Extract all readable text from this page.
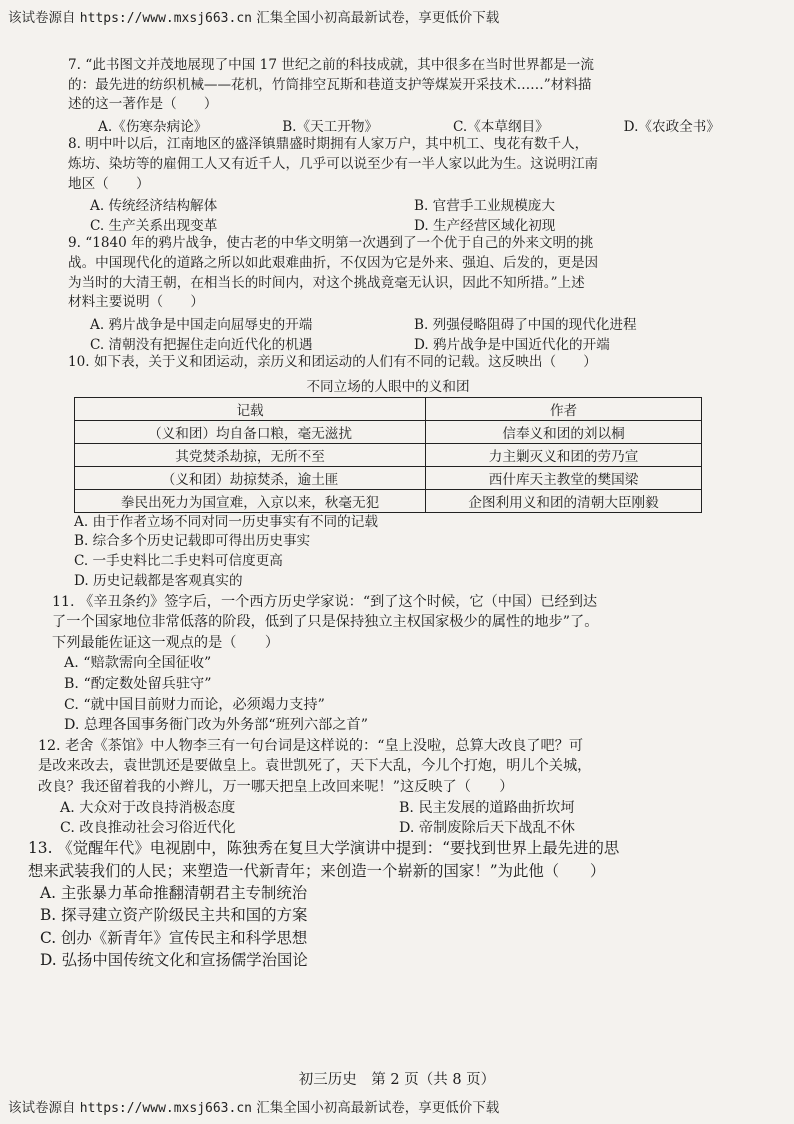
该试卷源自 https://www.mxsj663.cn 汇集全国小初高最新试卷，享更低价下载
7. “此书图文并茂地展现了中国 17 世纪之前的科技成就，其中很多在当时世界都是一流
的：最先进的纺织机械——花机，竹筒排空瓦斯和巷道支护等煤炭开采技术……”材料描
述的这一著作是（　　）
A.《伤寒杂病论》	B.《天工开物》	C.《本草纲目》	D.《农政全书》
8. 明中叶以后，江南地区的盛泽镇鼎盛时期拥有人家万户，其中机工、曳花有数千人，
炼坊、染坊等的雇佣工人又有近千人，几乎可以说至少有一半人家以此为生。这说明江南
地区（　　）
A. 传统经济结构解体	B. 官营手工业规模庞大
C. 生产关系出现变革	D. 生产经营区域化初现
9. “1840 年的鸦片战争，使古老的中华文明第一次遇到了一个优于自己的外来文明的挑
战。中国现代化的道路之所以如此艰难曲折，不仅因为它是外来、强迫、后发的，更是因
为当时的大清王朝，在相当长的时间内，对这个挑战竟毫无认识，因此不知所措。”上述
材料主要说明（　　）
A. 鸦片战争是中国走向屈辱史的开端	B. 列强侵略阻碍了中国的现代化进程
C. 清朝没有把握住走向近代化的机遇	D. 鸦片战争是中国近代化的开端
10. 如下表，关于义和团运动，亲历义和团运动的人们有不同的记载。这反映出（　　）
不同立场的人眼中的义和团
记载	作者
（义和团）均自备口粮，毫无滋扰	信奉义和团的刘以桐
其党焚杀劫掠，无所不至	力主剿灭义和团的劳乃宣
（义和团）劫掠焚杀，逾土匪	西什库天主教堂的樊国梁
拳民出死力为国宣难，入京以来，秋毫无犯	企图利用义和团的清朝大臣刚毅
A. 由于作者立场不同对同一历史事实有不同的记载
B. 综合多个历史记载即可得出历史事实
C. 一手史料比二手史料可信度更高
D. 历史记载都是客观真实的
11. 《辛丑条约》签字后，一个西方历史学家说：“到了这个时候，它（中国）已经到达
了一个国家地位非常低落的阶段，低到了只是保持独立主权国家极少的属性的地步”了。
下列最能佐证这一观点的是（　　）
A. “赔款需向全国征收”
B. “酌定数处留兵驻守”
C. “就中国目前财力而论，必须竭力支持”
D. 总理各国事务衙门改为外务部“班列六部之首”
12. 老舍《茶馆》中人物李三有一句台词是这样说的：“皇上没啦，总算大改良了吧？可
是改来改去，袁世凯还是要做皇上。袁世凯死了，天下大乱，今儿个打炮，明儿个关城，
改良？我还留着我的小辫儿，万一哪天把皇上改回来呢！”这反映了（　　）
A. 大众对于改良持消极态度	B. 民主发展的道路曲折坎坷
C. 改良推动社会习俗近代化	D. 帝制废除后天下战乱不休
13. 《觉醒年代》电视剧中，陈独秀在复旦大学演讲中提到：“要找到世界上最先进的思
想来武装我们的人民；来塑造一代新青年；来创造一个崭新的国家！”为此他（　　）
A. 主张暴力革命推翻清朝君主专制统治
B. 探寻建立资产阶级民主共和国的方案
C. 创办《新青年》宣传民主和科学思想
D. 弘扬中国传统文化和宣扬儒学治国论
初三历史　第 2 页（共 8 页）
该试卷源自 https://www.mxsj663.cn 汇集全国小初高最新试卷，享更低价下载
